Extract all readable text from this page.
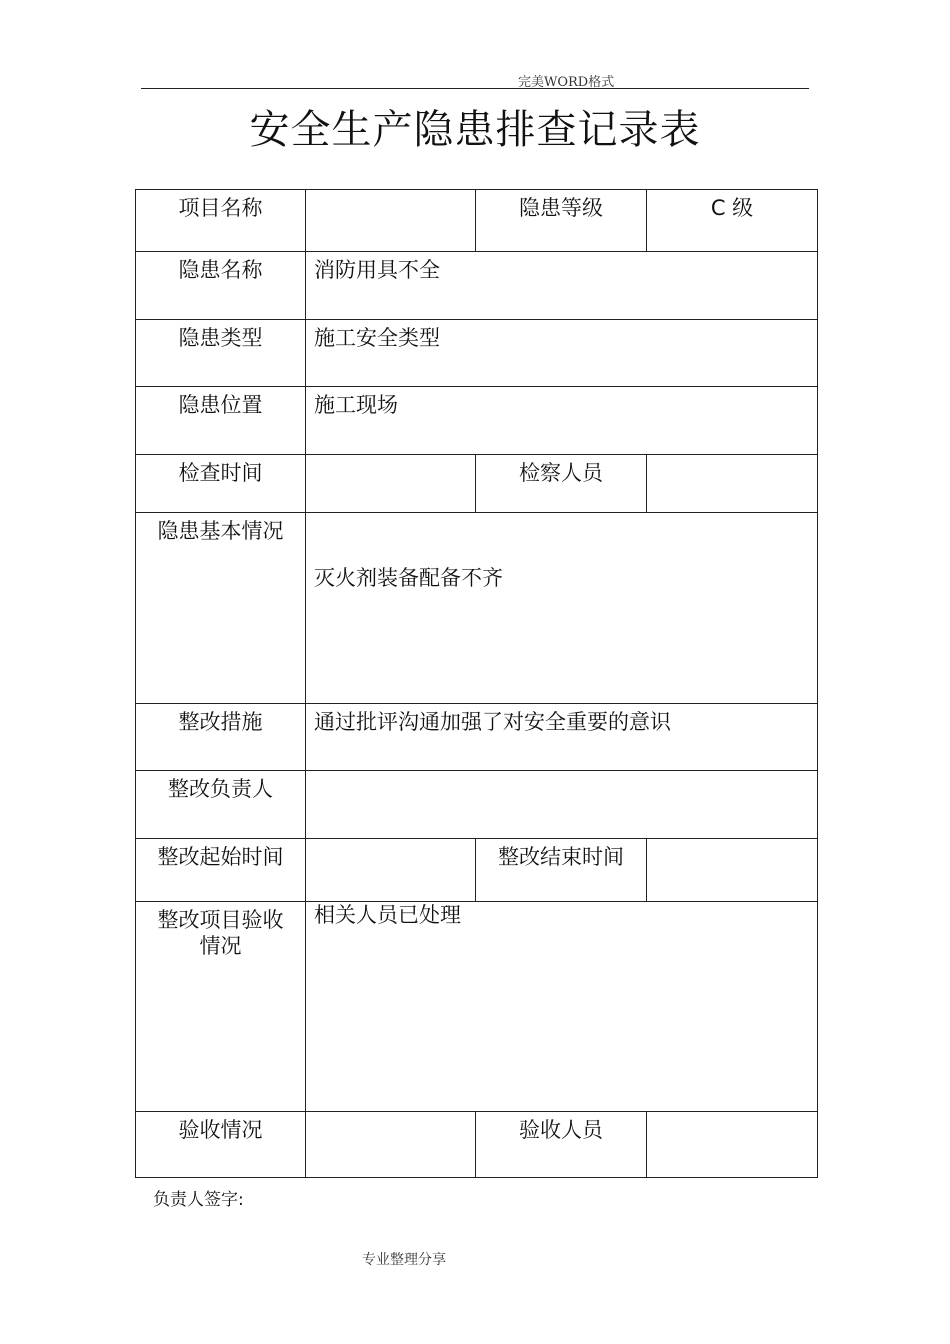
完美WORD格式
安全生产隐患排查记录表
项目名称		隐患等级	C 级
隐患名称	消防用具不全		
隐患类型	施工安全类型		
隐患位置	施工现场		
检查时间		检察人员	
隐患基本情况	灭火剂装备配备不齐		
整改措施	通过批评沟通加强了对安全重要的意识		
整改负责人			
整改起始时间		整改结束时间	

整改项目验收
情况	相关人员已处理		
验收情况		验收人员	
负责人签字:
专业整理分享
